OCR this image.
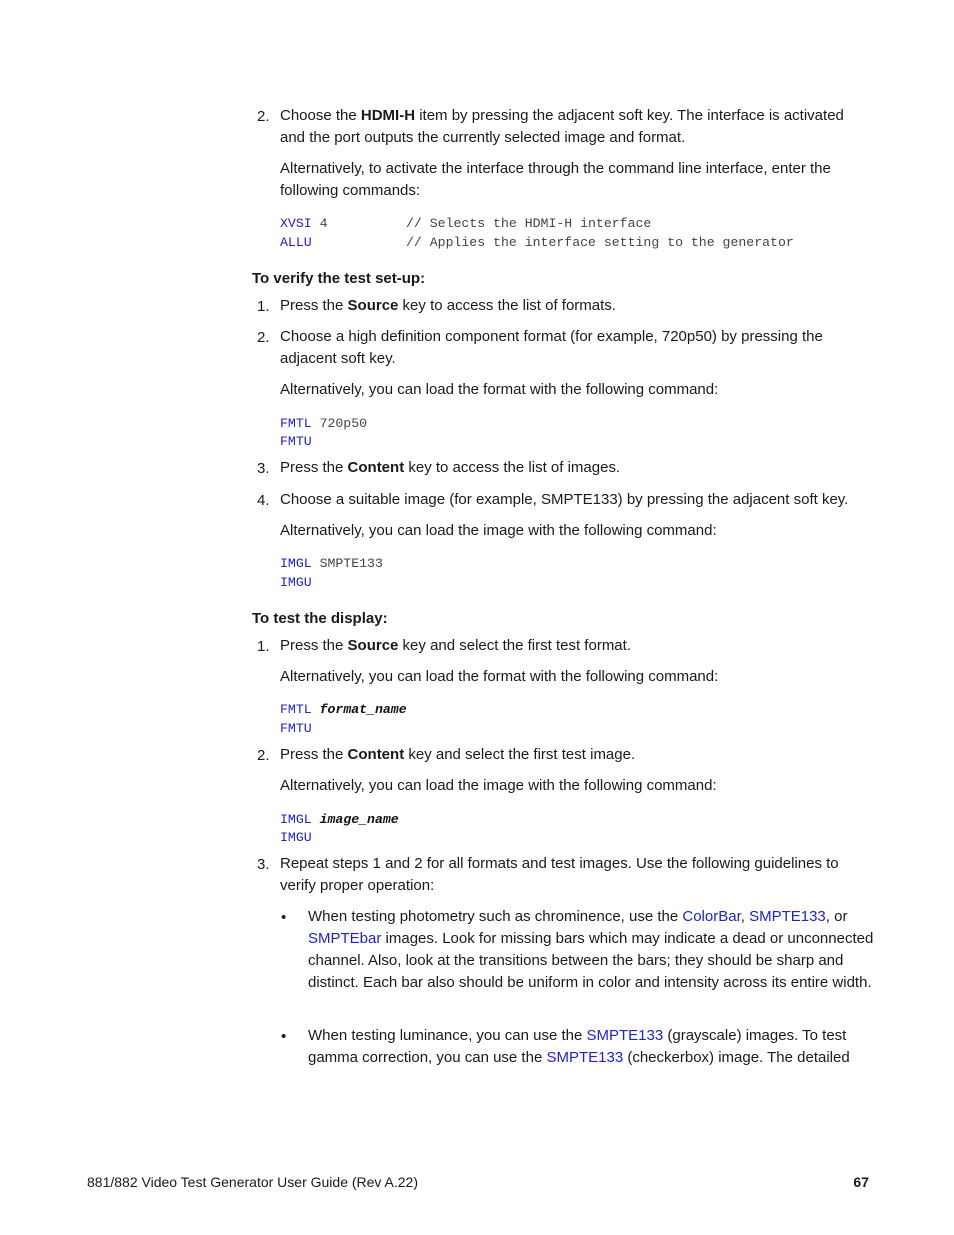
2. Choose the HDMI-H item by pressing the adjacent soft key. The interface is activated and the port outputs the currently selected image and format.
Alternatively, to activate the interface through the command line interface, enter the following commands:
XVSI 4	// Selects the HDMI-H interface
ALLU	// Applies the interface setting to the generator
To verify the test set-up:
1. Press the Source key to access the list of formats.
2. Choose a high definition component format (for example, 720p50) by pressing the adjacent soft key.
Alternatively, you can load the format with the following command:
FMTL 720p50
FMTU
3. Press the Content key to access the list of images.
4. Choose a suitable image (for example, SMPTE133) by pressing the adjacent soft key.
Alternatively, you can load the image with the following command:
IMGL SMPTE133
IMGU
To test the display:
1. Press the Source key and select the first test format.
Alternatively, you can load the format with the following command:
FMTL format_name
FMTU
2. Press the Content key and select the first test image.
Alternatively, you can load the image with the following command:
IMGL image_name
IMGU
3. Repeat steps 1 and 2 for all formats and test images. Use the following guidelines to verify proper operation:
• When testing photometry such as chrominence, use the ColorBar, SMPTE133, or SMPTEbar images. Look for missing bars which may indicate a dead or unconnected channel. Also, look at the transitions between the bars; they should be sharp and distinct. Each bar also should be uniform in color and intensity across its entire width.
• When testing luminance, you can use the SMPTE133 (grayscale) images. To test gamma correction, you can use the SMPTE133 (checkerbox) image. The detailed
881/882 Video Test Generator User Guide (Rev A.22)	67
